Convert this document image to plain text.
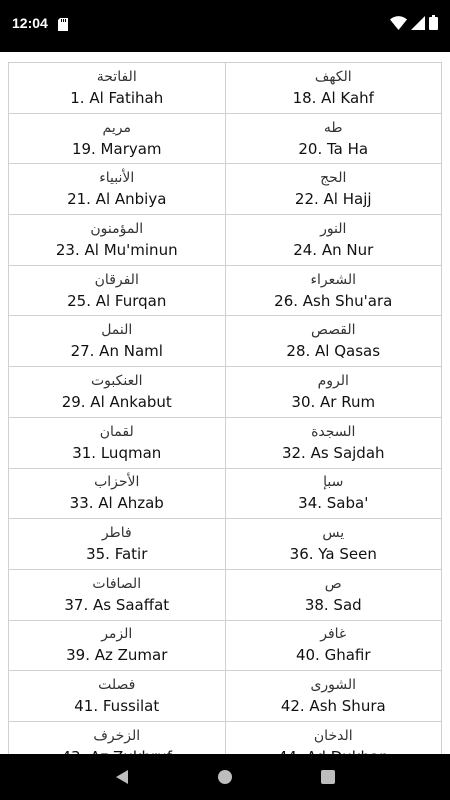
12:04
الفاتحة
1. Al Fatihah
الكهف
18. Al Kahf
مريم
19. Maryam
طه
20. Ta Ha
الأنبياء
21. Al Anbiya
الحج
22. Al Hajj
المؤمنون
23. Al Mu'minun
النور
24. An Nur
الفرقان
25. Al Furqan
الشعراء
26. Ash Shu'ara
النمل
27. An Naml
القصص
28. Al Qasas
العنكبوت
29. Al Ankabut
الروم
30. Ar Rum
لقمان
31. Luqman
السجدة
32. As Sajdah
الأحزاب
33. Al Ahzab
سبإ
34. Saba'
فاطر
35. Fatir
يس
36. Ya Seen
الصافات
37. As Saaffat
ص
38. Sad
الزمر
39. Az Zumar
غافر
40. Ghafir
فصلت
41. Fussilat
الشورى
42. Ash Shura
الزخرف	الدخان
